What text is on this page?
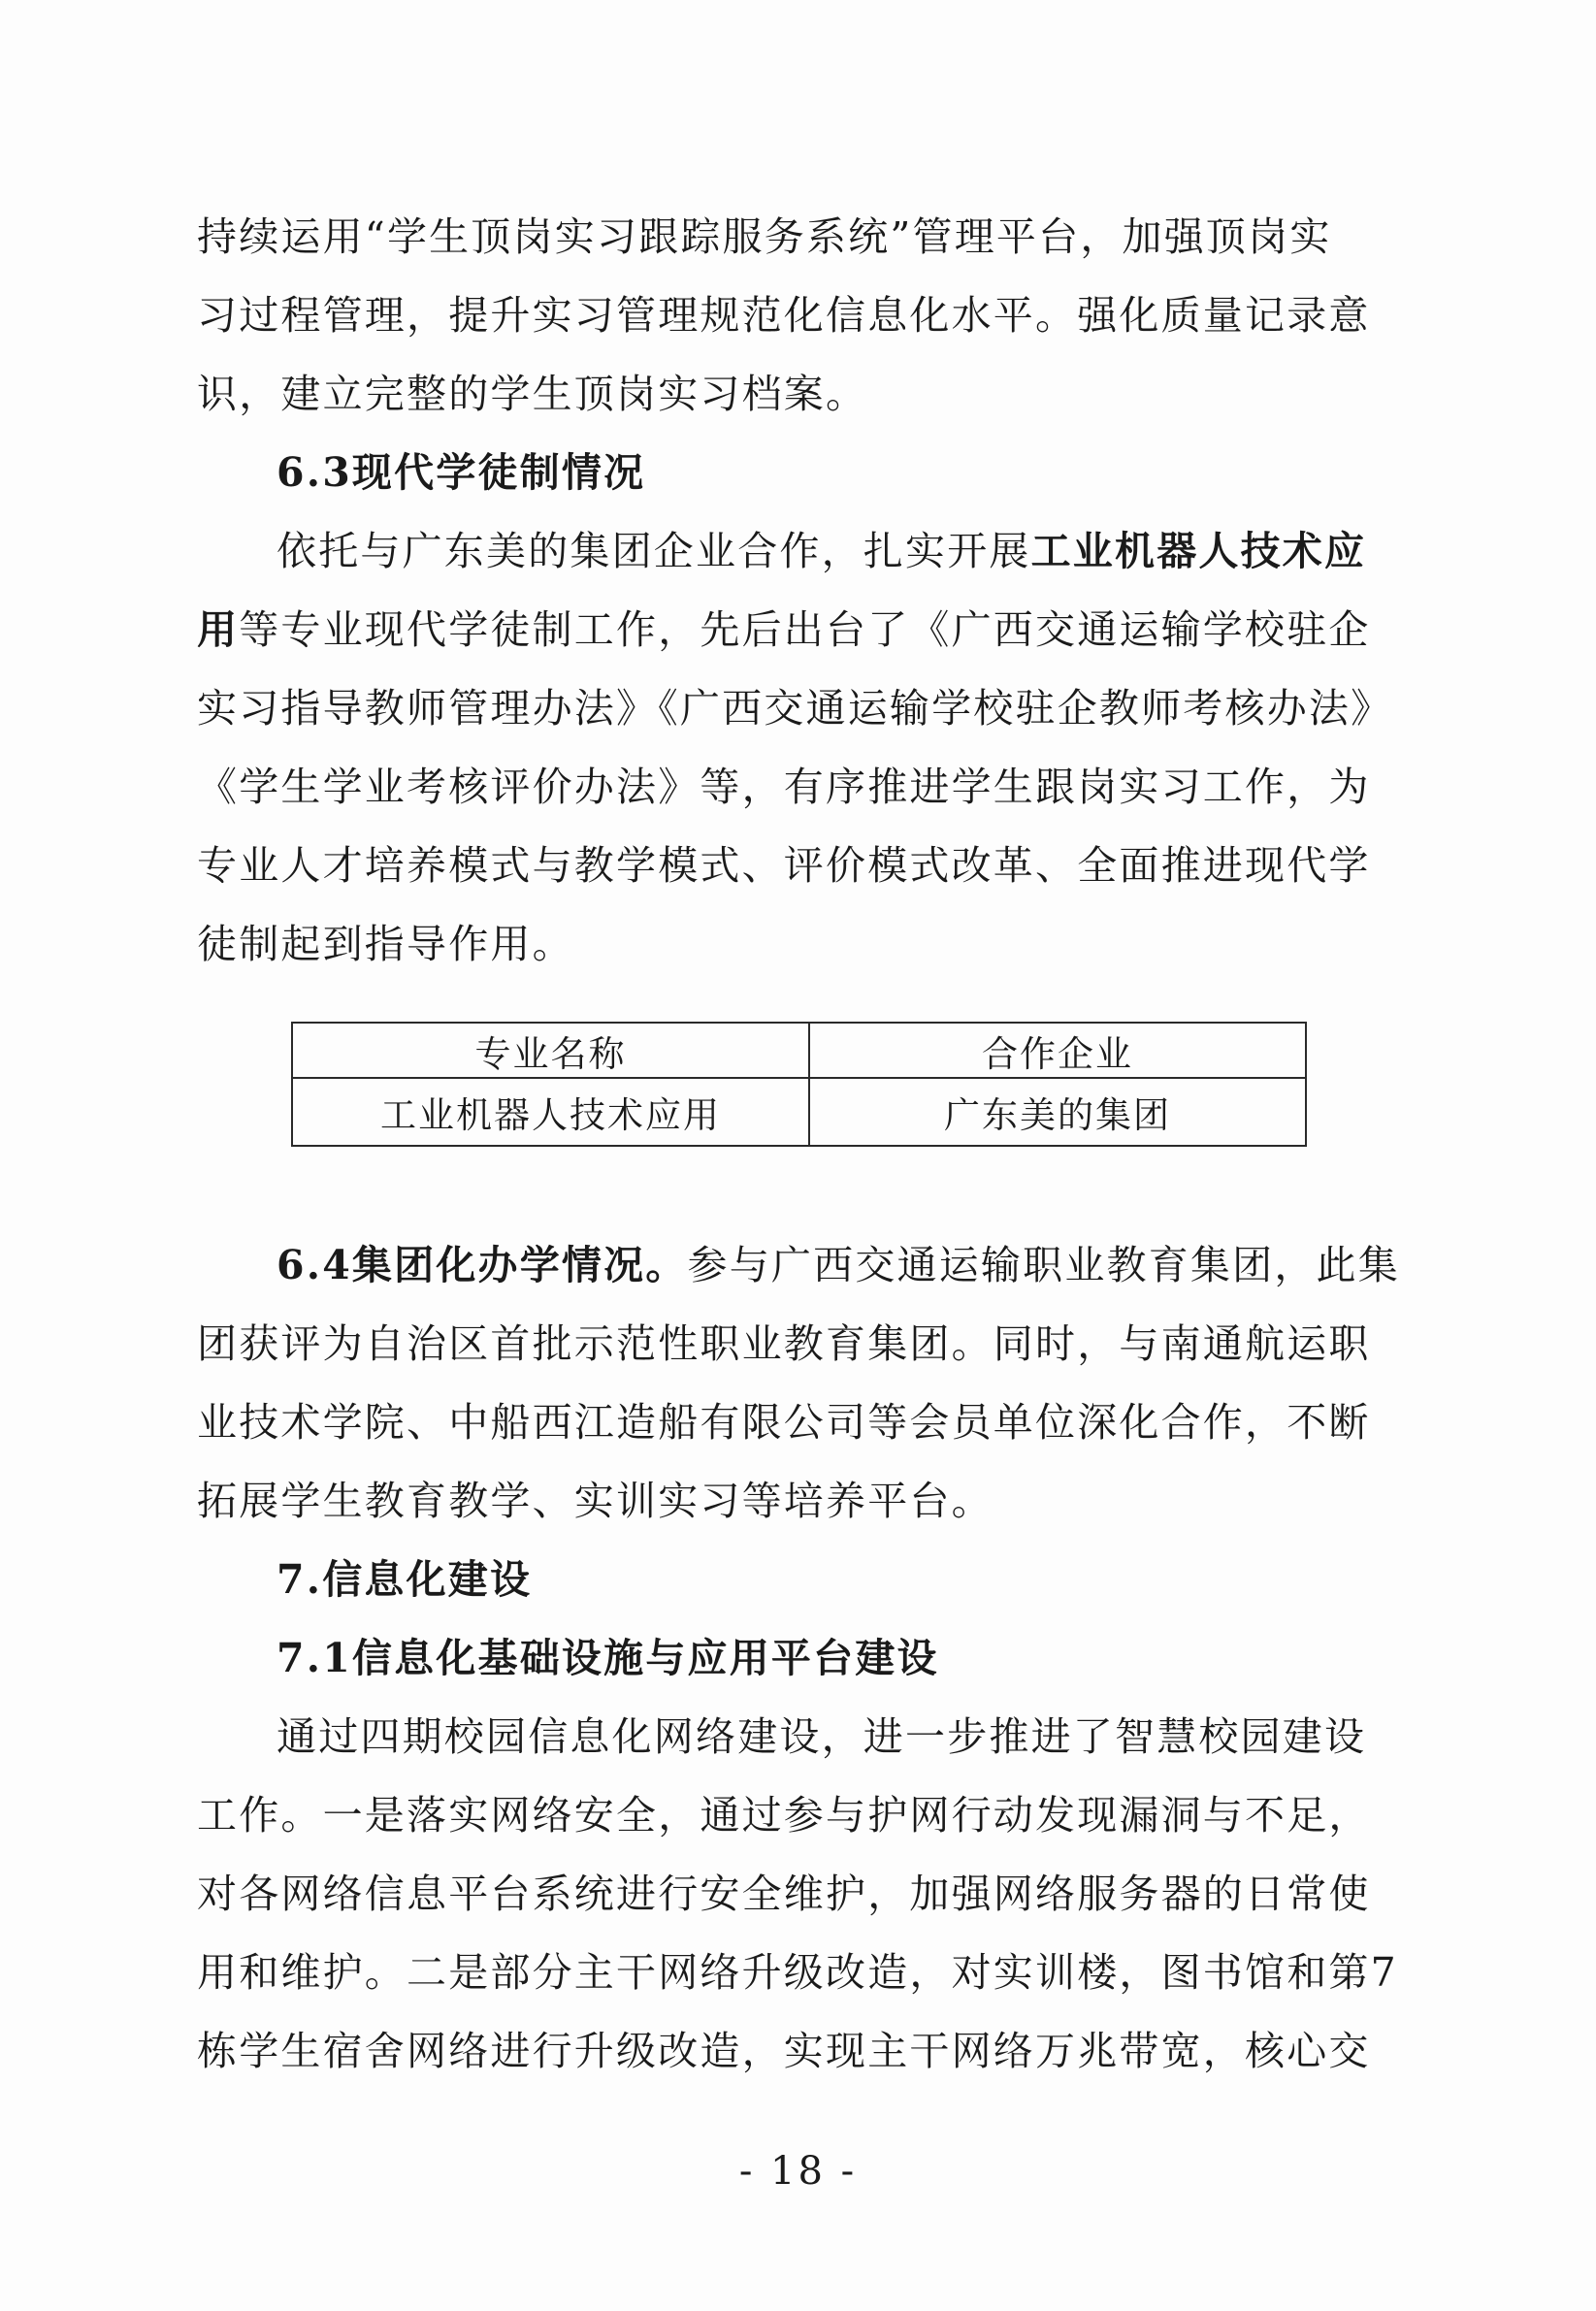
持续运用“学生顶岗实习跟踪服务系统”管理平台，加强顶岗实
习过程管理，提升实习管理规范化信息化水平。强化质量记录意
识，建立完整的学生顶岗实习档案。
6.3现代学徒制情况
依托与广东美的集团企业合作，扎实开展工业机器人技术应
用等专业现代学徒制工作，先后出台了《广西交通运输学校驻企
实习指导教师管理办法》《广西交通运输学校驻企教师考核办法》
《学生学业考核评价办法》等，有序推进学生跟岗实习工作，为
专业人才培养模式与教学模式、评价模式改革、全面推进现代学
徒制起到指导作用。
专业名称	合作企业
工业机器人技术应用	广东美的集团
6.4集团化办学情况。参与广西交通运输职业教育集团，此集
团获评为自治区首批示范性职业教育集团。同时，与南通航运职
业技术学院、中船西江造船有限公司等会员单位深化合作，不断
拓展学生教育教学、实训实习等培养平台。
7.信息化建设
7.1信息化基础设施与应用平台建设
通过四期校园信息化网络建设，进一步推进了智慧校园建设
工作。一是落实网络安全，通过参与护网行动发现漏洞与不足，
对各网络信息平台系统进行安全维护，加强网络服务器的日常使
用和维护。二是部分主干网络升级改造，对实训楼，图书馆和第7
栋学生宿舍网络进行升级改造，实现主干网络万兆带宽，核心交
- 18 -
